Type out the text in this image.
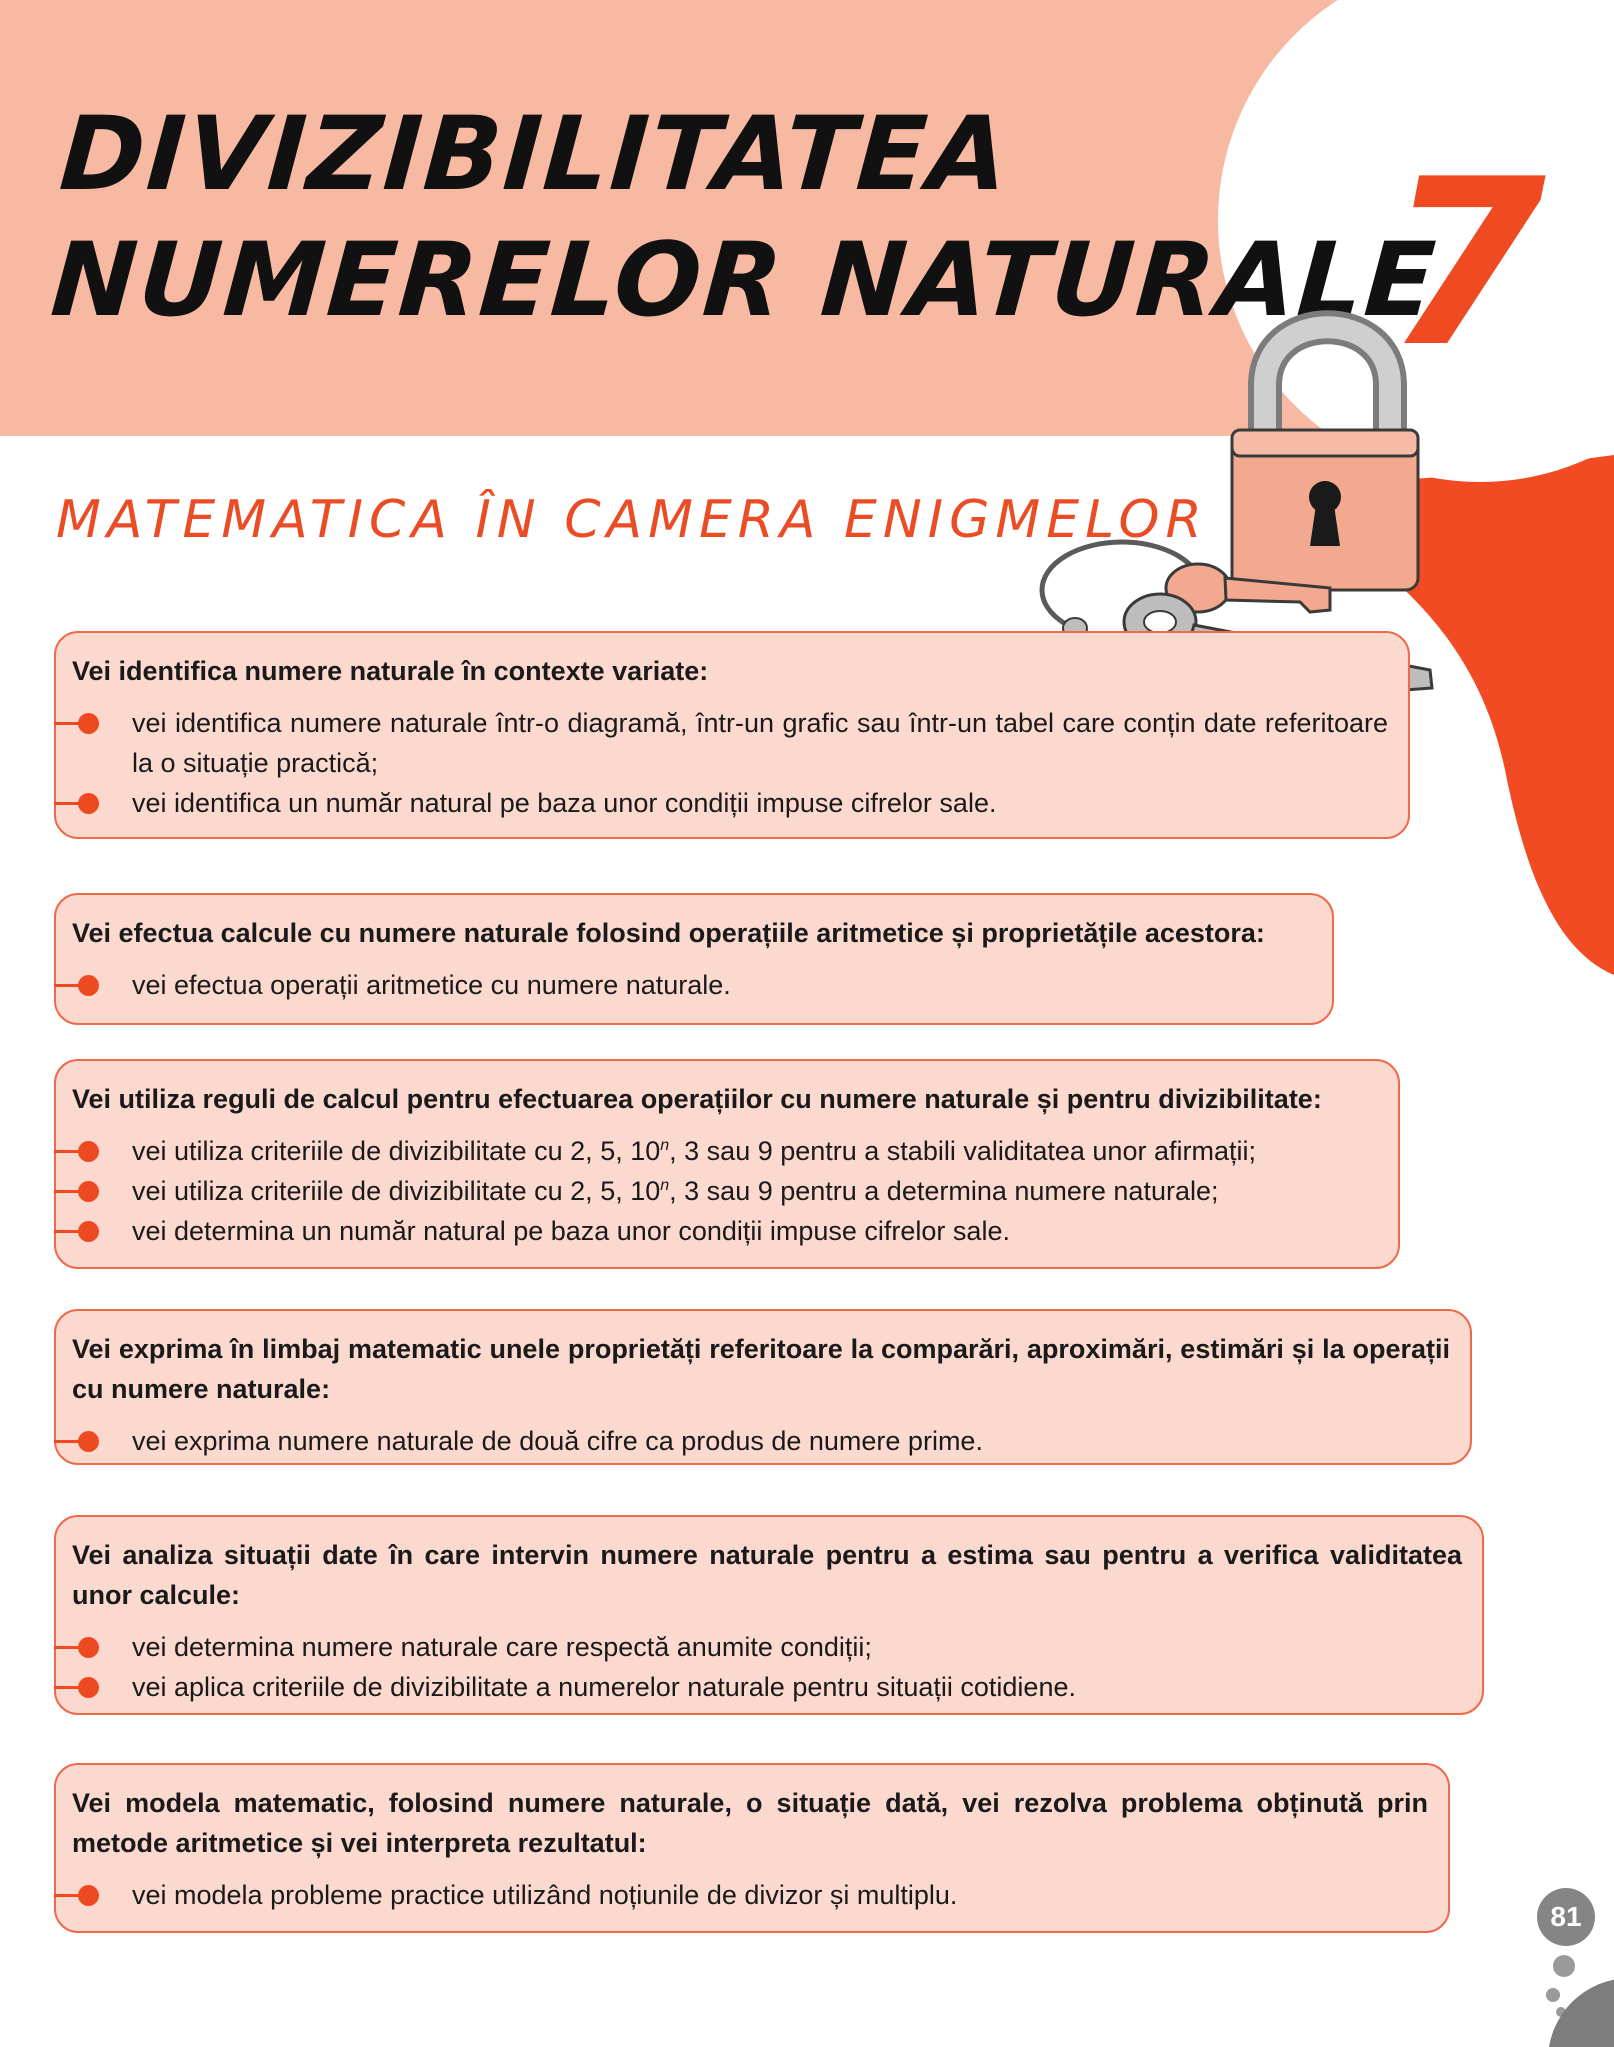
DIVIZIBILITATEA
NUMERELOR NATURALE
7
MATEMATICA ÎN CAMERA ENIGMELOR
Vei identifica numere naturale în contexte variate:
vei identifica numere naturale într-o diagramă, într-un grafic sau într-un tabel care conțin date referitoare la o situație practică;
vei identifica un număr natural pe baza unor condiții impuse cifrelor sale.
Vei efectua calcule cu numere naturale folosind operațiile aritmetice și proprietățile acestora:
vei efectua operații aritmetice cu numere naturale.
Vei utiliza reguli de calcul pentru efectuarea operațiilor cu numere naturale și pentru divizibilitate:
vei utiliza criteriile de divizibilitate cu 2, 5, 10$^n$, 3 sau 9 pentru a stabili validitatea unor afirmații;
vei utiliza criteriile de divizibilitate cu 2, 5, 10$^n$, 3 sau 9 pentru a determina numere naturale;
vei determina un număr natural pe baza unor condiții impuse cifrelor sale.
Vei exprima în limbaj matematic unele proprietăți referitoare la comparări, aproximări, estimări și la operații cu numere naturale:
vei exprima numere naturale de două cifre ca produs de numere prime.
Vei analiza situații date în care intervin numere naturale pentru a estima sau pentru a verifica validitatea unor calcule:
vei determina numere naturale care respectă anumite condiții;
vei aplica criteriile de divizibilitate a numerelor naturale pentru situații cotidiene.
Vei modela matematic, folosind numere naturale, o situație dată, vei rezolva problema obținută prin metode aritmetice și vei interpreta rezultatul:
vei modela probleme practice utilizând noțiunile de divizor și multiplu.
81
